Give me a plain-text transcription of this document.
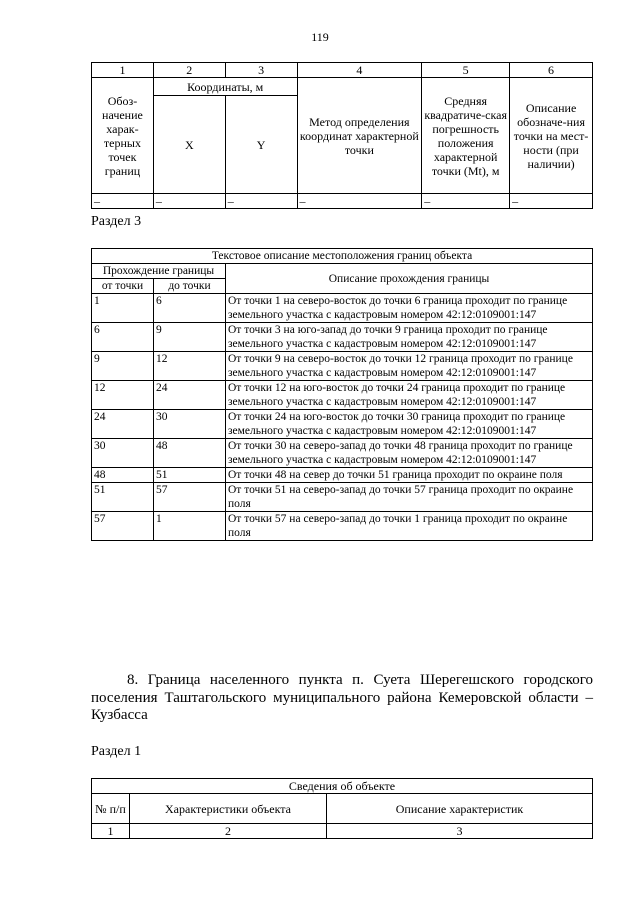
119
1	2	3	4	5	6
Обоз-начение харак-терных точек границ	Координаты, м		Метод определения координат характерной точки	Средняя квадратиче-ская погрешность положения характерной точки (Mt), м	Описание обозначе-ния точки на мест-ности (при наличии)
	X	Y			
–	–	–	–	–	–
Раздел 3
Текстовое описание местоположения границ объекта		
Прохождение границы		Описание прохождения границы
от точки	до точки	
1	6	От точки 1 на северо-восток до точки 6 граница проходит по границе земельного участка с кадастровым номером 42:12:0109001:147
6	9	От точки 3 на юго-запад до точки 9 граница проходит по границе земельного участка с кадастровым номером 42:12:0109001:147
9	12	От точки 9 на северо-восток до точки 12 граница проходит по границе земельного участка с кадастровым номером 42:12:0109001:147
12	24	От точки 12 на юго-восток до точки 24 граница проходит по границе земельного участка с кадастровым номером 42:12:0109001:147
24	30	От точки 24 на юго-восток до точки 30 граница проходит по границе земельного участка с кадастровым номером 42:12:0109001:147
30	48	От точки 30 на северо-запад до точки 48 граница проходит по границе земельного участка с кадастровым номером 42:12:0109001:147
48	51	От точки 48 на север до точки 51 граница проходит по окраине поля
51	57	От точки 51 на северо-запад до точки 57 граница проходит по окраине поля
57	1	От точки 57 на северо-запад до точки 1 граница проходит по окраине поля
8. Граница населенного пункта п. Суета Шерегешского городского поселения Таштагольского муниципального района Кемеровской области – Кузбасса
Раздел 1
Сведения об объекте		
№ п/п	Характеристики объекта	Описание характеристик
1	2	3
